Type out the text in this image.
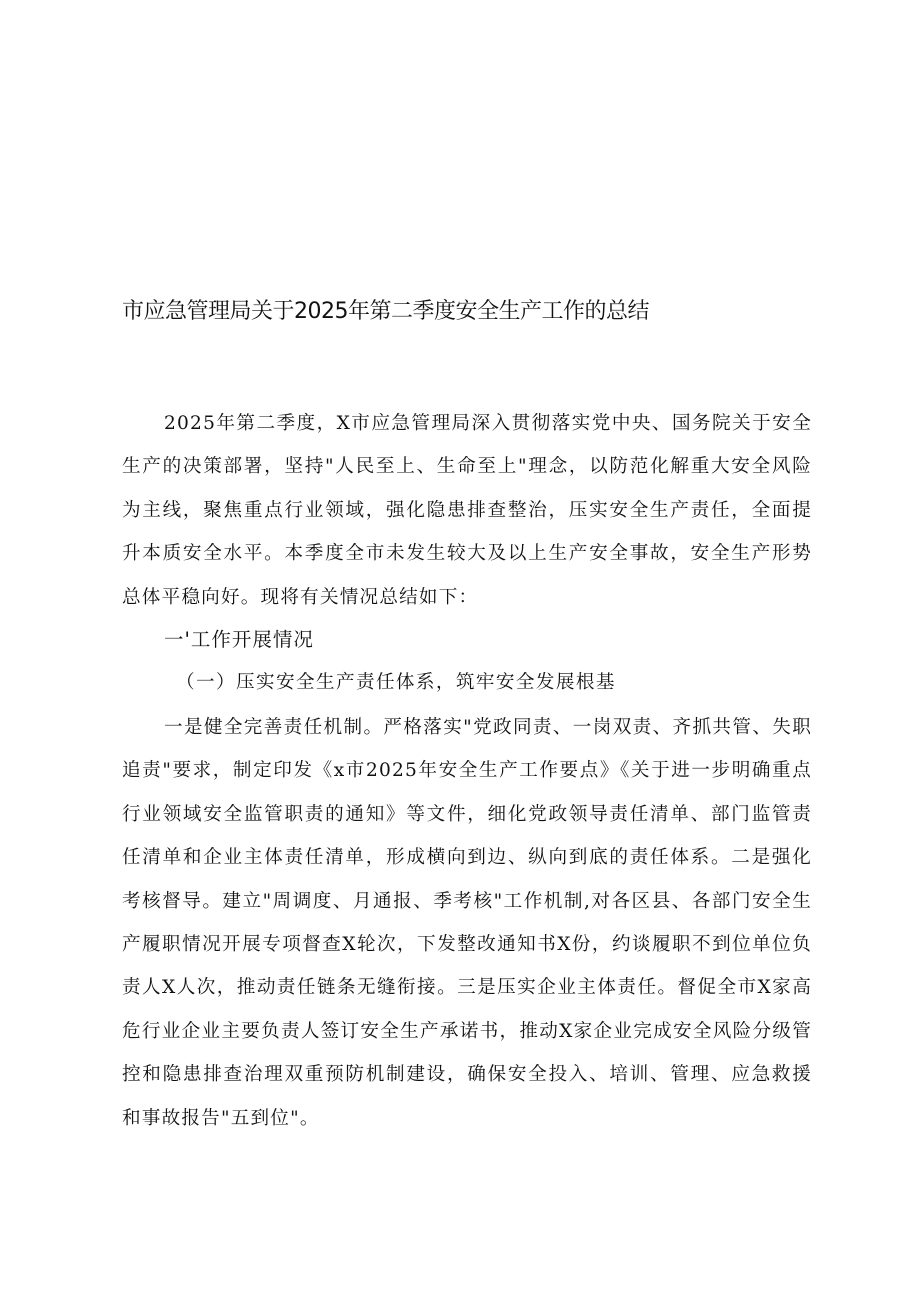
市应急管理局关于2025年第二季度安全生产工作的总结
2025年第二季度，X市应急管理局深入贯彻落实党中央、国务院关于安全生产的决策部署，坚持"人民至上、生命至上"理念，以防范化解重大安全风险为主线，聚焦重点行业领域，强化隐患排查整治，压实安全生产责任，全面提升本质安全水平。本季度全市未发生较大及以上生产安全事故，安全生产形势总体平稳向好。现将有关情况总结如下：
一'工作开展情况
（一）压实安全生产责任体系，筑牢安全发展根基
一是健全完善责任机制。严格落实"党政同责、一岗双责、齐抓共管、失职追责"要求，制定印发《x市2025年安全生产工作要点》《关于进一步明确重点行业领域安全监管职责的通知》等文件，细化党政领导责任清单、部门监管责任清单和企业主体责任清单，形成横向到边、纵向到底的责任体系。二是强化考核督导。建立"周调度、月通报、季考核"工作机制,对各区县、各部门安全生产履职情况开展专项督查X轮次，下发整改通知书X份，约谈履职不到位单位负责人X人次，推动责任链条无缝衔接。三是压实企业主体责任。督促全市X家高危行业企业主要负责人签订安全生产承诺书，推动X家企业完成安全风险分级管控和隐患排查治理双重预防机制建设，确保安全投入、培训、管理、应急救援和事故报告"五到位"。
